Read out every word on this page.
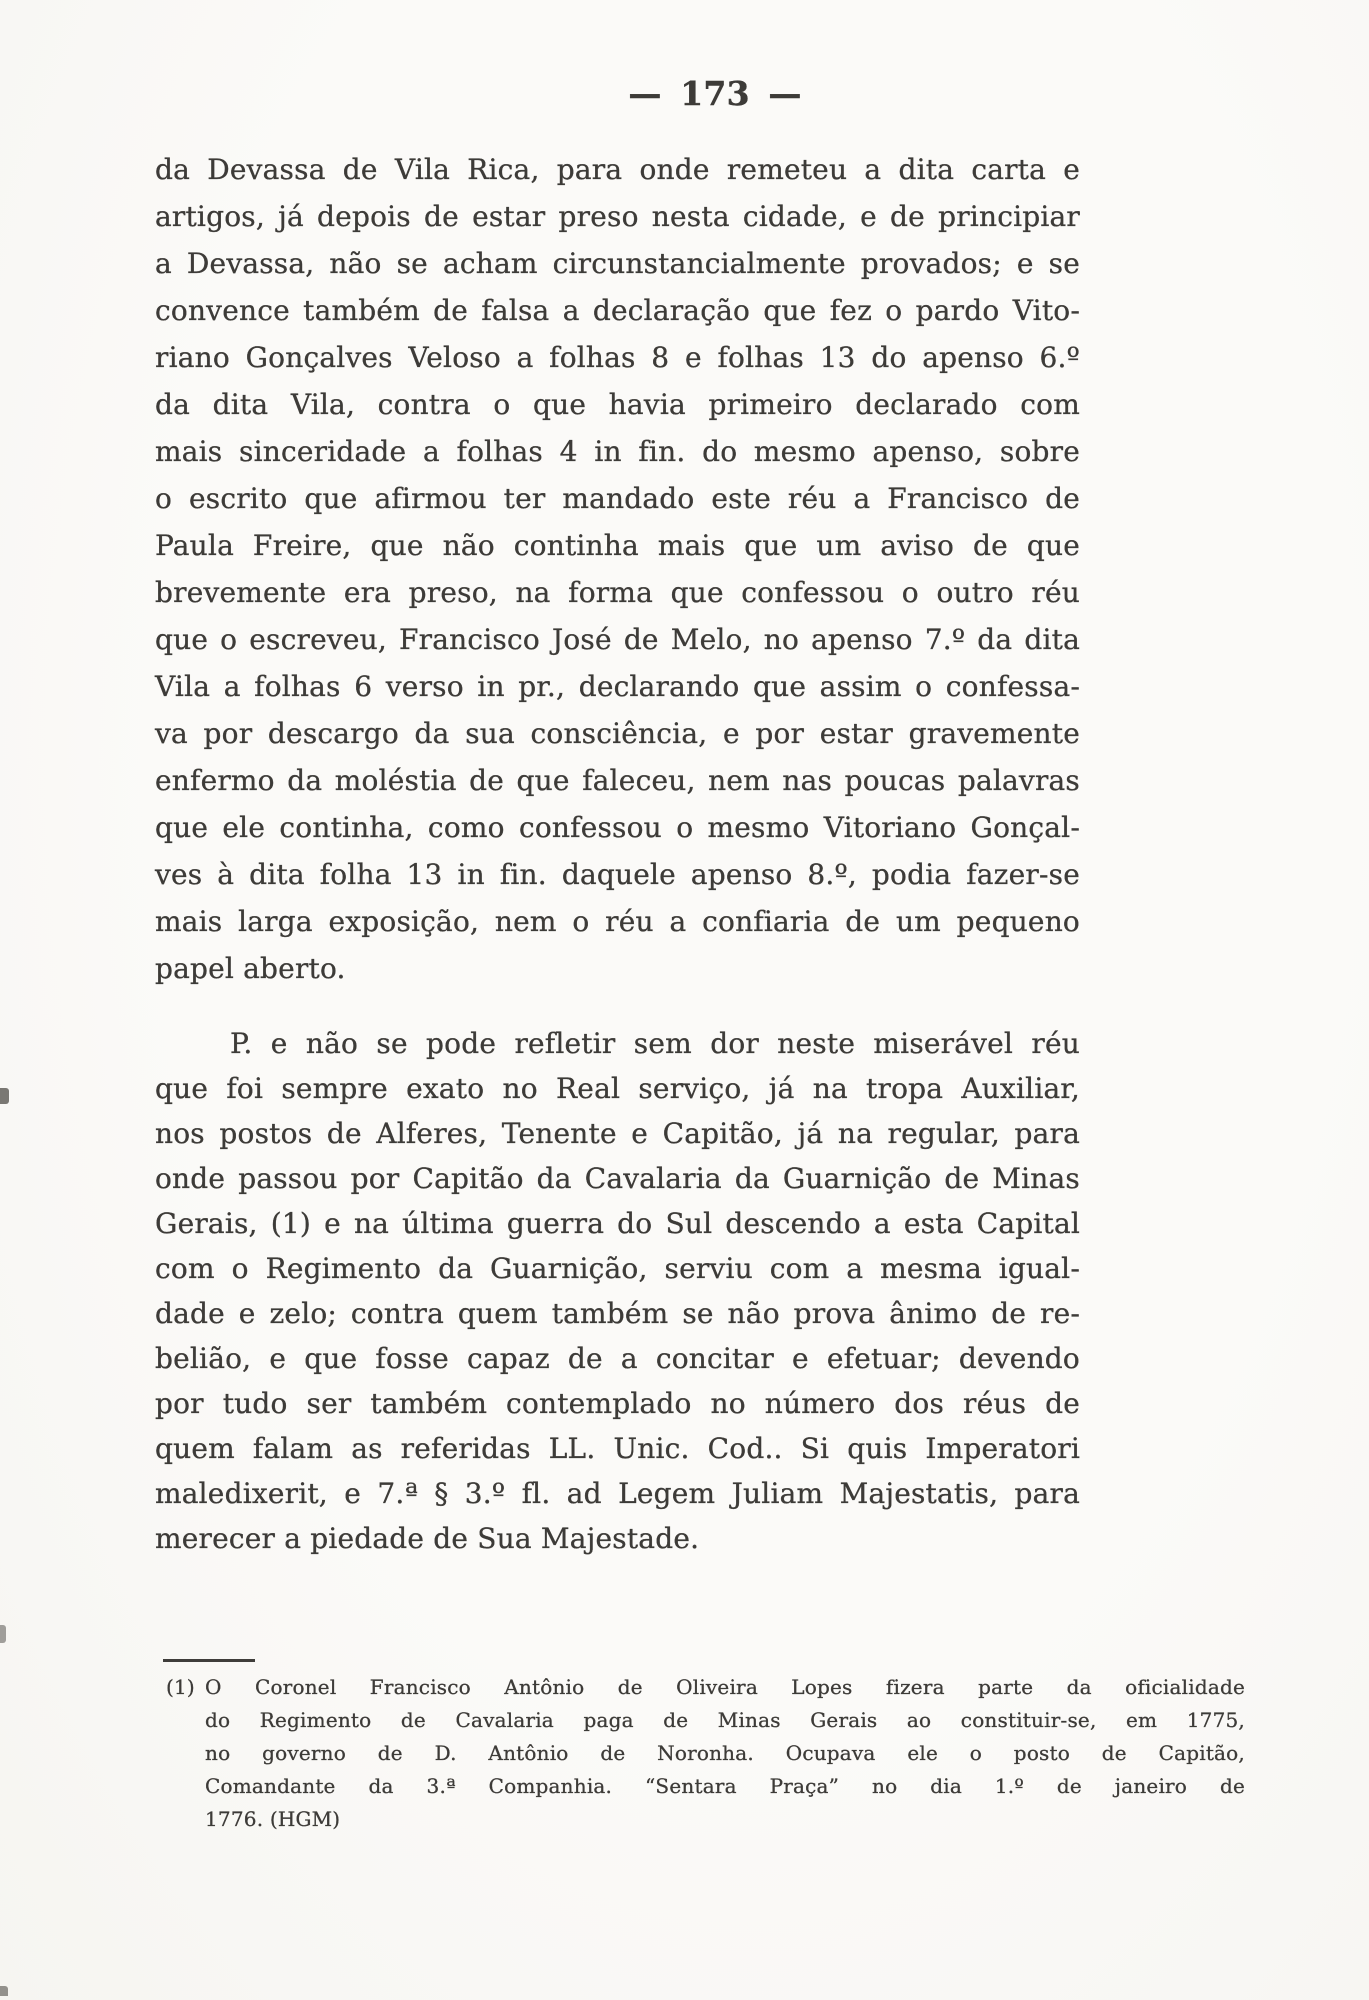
— 173 —
da Devassa de Vila Rica, para onde remeteu a dita carta e
artigos, já depois de estar preso nesta cidade, e de principiar
a Devassa, não se acham circunstancialmente provados; e se
convence também de falsa a declaração que fez o pardo Vito-
riano Gonçalves Veloso a folhas 8 e folhas 13 do apenso 6.º
da dita Vila, contra o que havia primeiro declarado com
mais sinceridade a folhas 4 in fin. do mesmo apenso, sobre
o escrito que afirmou ter mandado este réu a Francisco de
Paula Freire, que não continha mais que um aviso de que
brevemente era preso, na forma que confessou o outro réu
que o escreveu, Francisco José de Melo, no apenso 7.º da dita
Vila a folhas 6 verso in pr., declarando que assim o confessa-
va por descargo da sua consciência, e por estar gravemente
enfermo da moléstia de que faleceu, nem nas poucas palavras
que ele continha, como confessou o mesmo Vitoriano Gonçal-
ves à dita folha 13 in fin. daquele apenso 8.º, podia fazer-se
mais larga exposição, nem o réu a confiaria de um pequeno
papel aberto.
P. e não se pode refletir sem dor neste miserável réu
que foi sempre exato no Real serviço, já na tropa Auxiliar,
nos postos de Alferes, Tenente e Capitão, já na regular, para
onde passou por Capitão da Cavalaria da Guarnição de Minas
Gerais, (1) e na última guerra do Sul descendo a esta Capital
com o Regimento da Guarnição, serviu com a mesma igual-
dade e zelo; contra quem também se não prova ânimo de re-
belião, e que fosse capaz de a concitar e efetuar; devendo
por tudo ser também contemplado no número dos réus de
quem falam as referidas LL. Unic. Cod.. Si quis Imperatori
maledixerit, e 7.ª § 3.º fl. ad Legem Juliam Majestatis, para
merecer a piedade de Sua Majestade.
(1) O Coronel Francisco Antônio de Oliveira Lopes fizera parte da oficialidade
do Regimento de Cavalaria paga de Minas Gerais ao constituir-se, em 1775,
no governo de D. Antônio de Noronha. Ocupava ele o posto de Capitão,
Comandante da 3.ª Companhia. “Sentara Praça” no dia 1.º de janeiro de
1776. (HGM)
